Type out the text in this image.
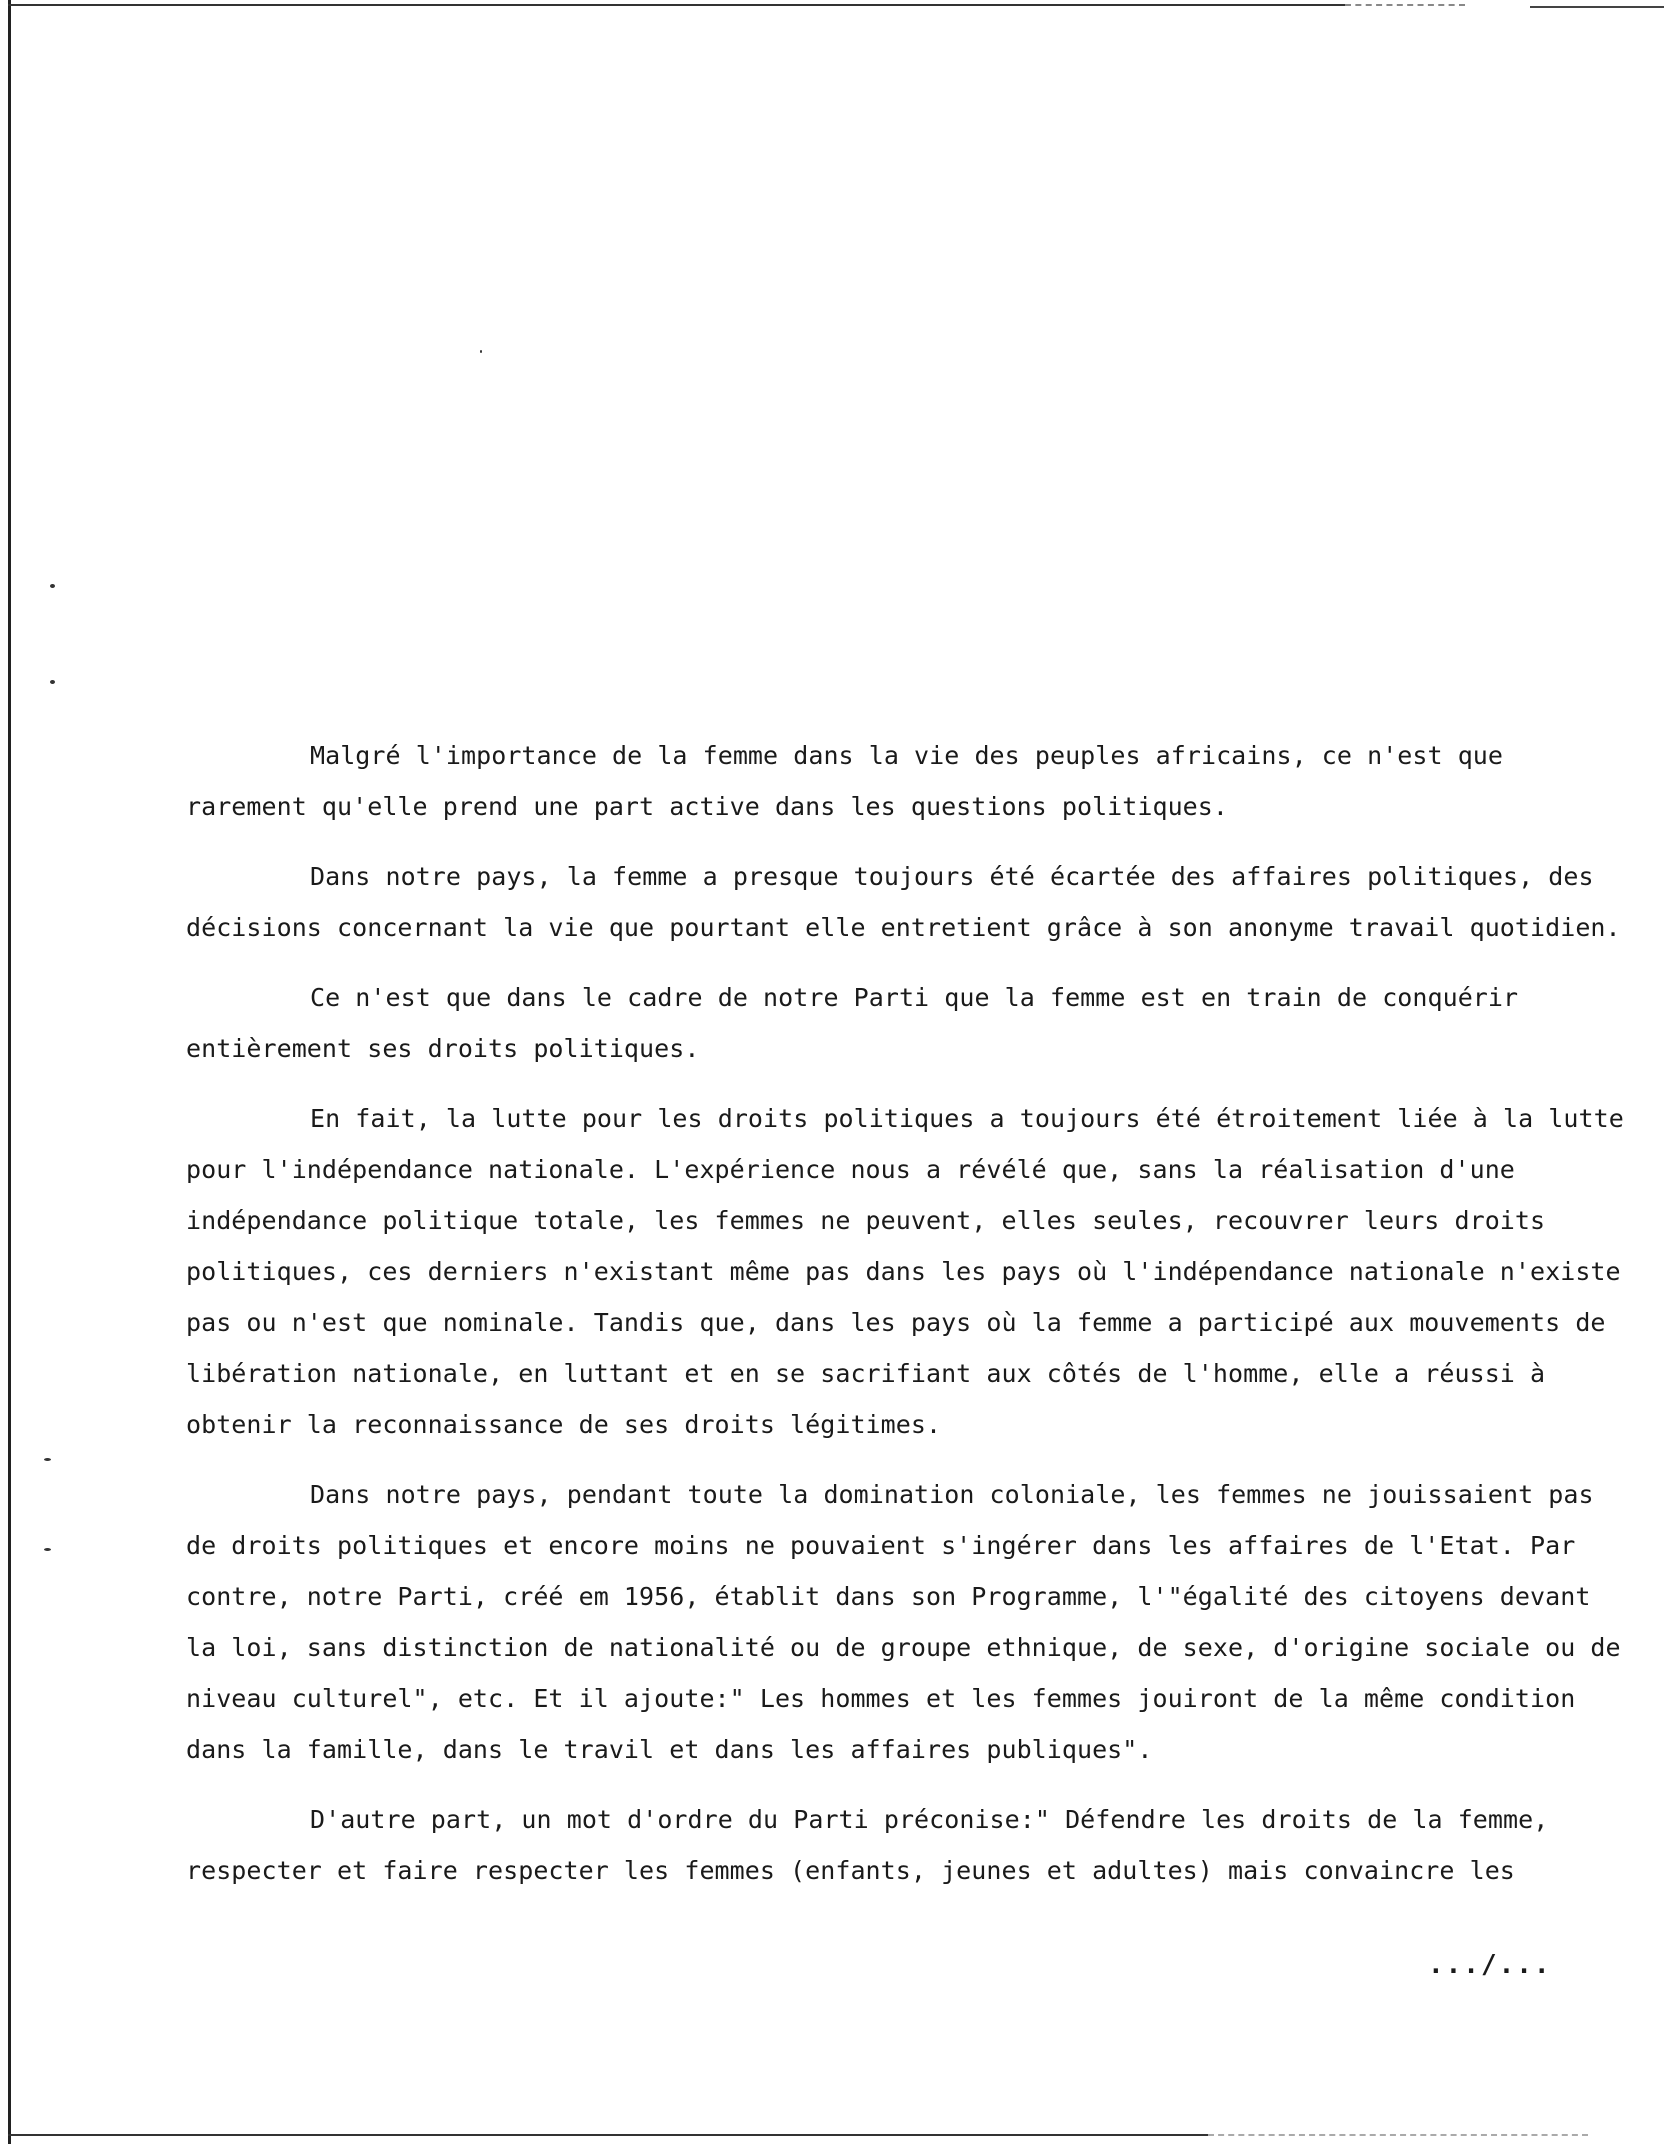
Malgré l'importance de la femme dans la vie des peuples africains, ce n'est que rarement qu'elle prend une part active dans les questions politiques.

Dans notre pays, la femme a presque toujours été écartée des affaires politiques, des décisions concernant la vie que pourtant elle entretient grâce à son anonyme travail quotidien.

Ce n'est que dans le cadre de notre Parti que la femme est en train de conquérir entièrement ses droits politiques.

En fait, la lutte pour les droits politiques a toujours été étroitement liée à la lutte pour l'indépendance nationale. L'expérience nous a révélé que, sans la réalisation d'une indépendance politique totale, les femmes ne peuvent, elles seules, recouvrer leurs droits politiques, ces derniers n'existant même pas dans les pays où l'indépendance nationale n'existe pas ou n'est que nominale. Tandis que, dans les pays où la femme a participé aux mouvements de libération nationale, en luttant et en se sacrifiant aux côtés de l'homme, elle a réussi à obtenir la reconnaissance de ses droits légitimes.

Dans notre pays, pendant toute la domination coloniale, les femmes ne jouissaient pas de droits politiques et encore moins ne pouvaient s'ingérer dans les affaires de l'Etat. Par contre, notre Parti, créé em 1956, établit dans son Programme, l'"égalité des citoyens devant la loi, sans distinction de nationalité ou de groupe ethnique, de sexe, d'origine sociale ou de niveau culturel", etc. Et il ajoute:" Les hommes et les femmes jouiront de la même condition dans la famille, dans le travil et dans les affaires publiques".

D'autre part, un mot d'ordre du Parti préconise:" Défendre les droits de la femme, respecter et faire respecter les femmes (enfants, jeunes et adultes) mais convaincre les

.../...
